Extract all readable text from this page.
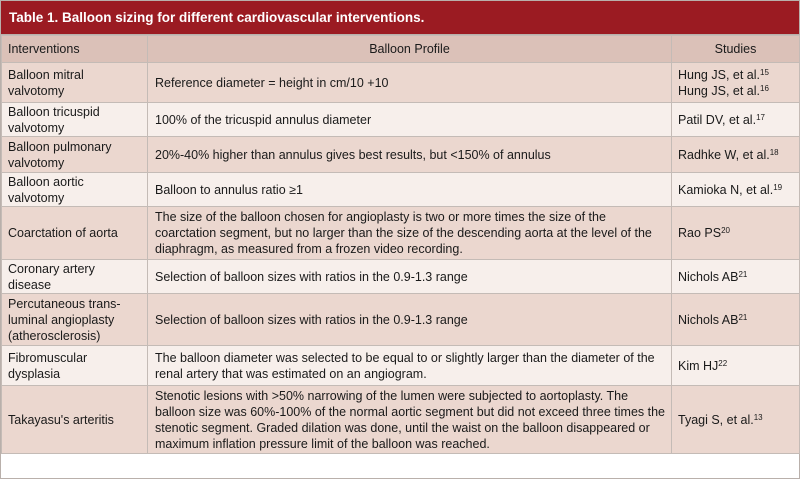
Table 1. Balloon sizing for different cardiovascular interventions.
Interventions	Balloon Profile	Studies
Balloon mitral valvotomy	Reference diameter = height in cm/10 +10	Hung JS, et al.$^{15}$
Hung JS, et al.$^{16}$

Balloon tricuspid valvotomy	100% of the tricuspid annulus diameter	Patil DV, et al.$^{17}$

Balloon pulmonary valvotomy	20%-40% higher than annulus gives best results, but <150% of annulus	Radhke W, et al.$^{18}$

Balloon aortic valvotomy	Balloon to annulus ratio ≥1	Kamioka N, et al.$^{19}$

Coarctation of aorta	The size of the balloon chosen for angioplasty is two or more times the size of the coarctation segment, but no larger than the size of the descending aorta at the level of the diaphragm, as measured from a frozen video recording.	Rao PS$^{20}$

Coronary artery disease	Selection of balloon sizes with ratios in the 0.9-1.3 range	Nichols AB$^{21}$

Percutaneous trans-luminal angioplasty (atherosclerosis)	Selection of balloon sizes with ratios in the 0.9-1.3 range	Nichols AB$^{21}$

Fibromuscular dysplasia	The balloon diameter was selected to be equal to or slightly larger than the diameter of the renal artery that was estimated on an angiogram.	Kim HJ$^{22}$

Takayasu's arteritis	Stenotic lesions with >50% narrowing of the lumen were subjected to aortoplasty. The balloon size was 60%-100% of the normal aortic segment but did not exceed three times the stenotic segment. Graded dilation was done, until the waist on the balloon disappeared or maximum inflation pressure limit of the balloon was reached.	Tyagi S, et al.$^{13}$
